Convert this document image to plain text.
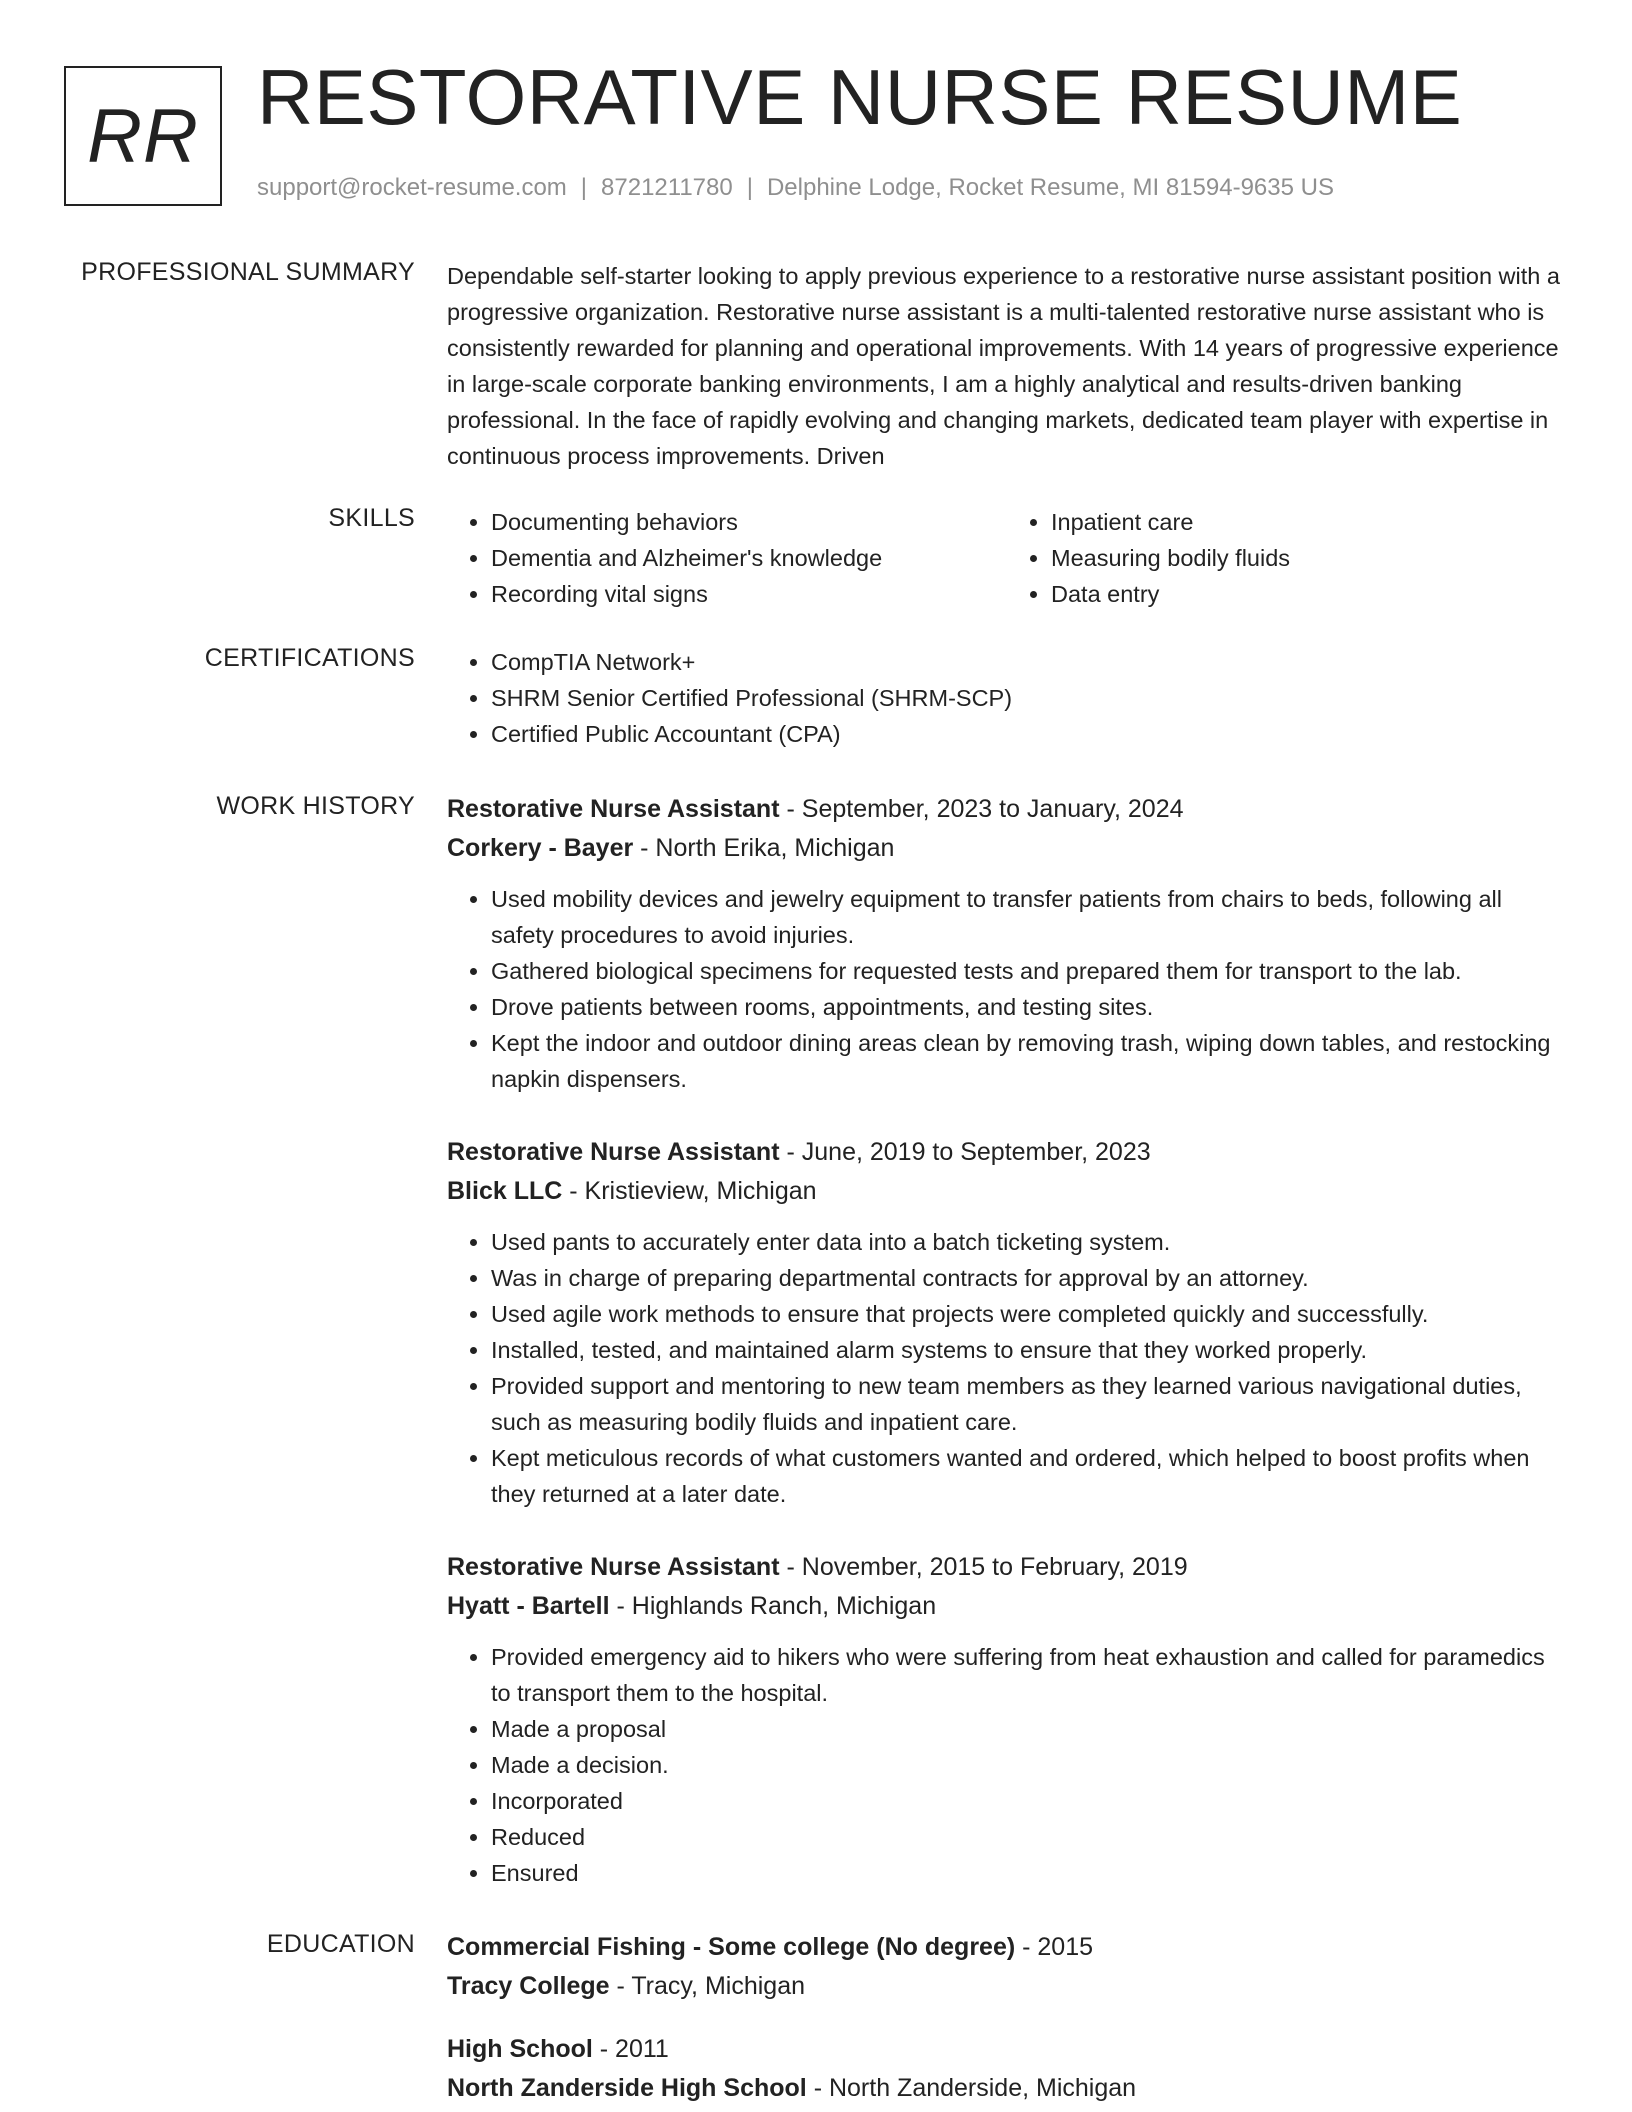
RR RESTORATIVE NURSE RESUME
support@rocket-resume.com | 8721211780 | Delphine Lodge, Rocket Resume, MI 81594-9635 US
PROFESSIONAL SUMMARY Dependable self-starter looking to apply previous experience to a restorative nurse assistant position with a progressive organization. Restorative nurse assistant is a multi-talented restorative nurse assistant who is consistently rewarded for planning and operational improvements. With 14 years of progressive experience in large-scale corporate banking environments, I am a highly analytical and results-driven banking professional. In the face of rapidly evolving and changing markets, dedicated team player with expertise in continuous process improvements. Driven

SKILLS	• Documenting behaviors
• Dementia and Alzheimer's knowledge
• Recording vital signs
• Inpatient care
• Measuring bodily fluids
• Data entry
CERTIFICATIONS	• CompTIA Network+
• SHRM Senior Certified Professional (SHRM-SCP)
• Certified Public Accountant (CPA)
WORK HISTORY Restorative Nurse Assistant - September, 2023 to January, 2024
Corkery - Bayer - North Erika, Michigan
• Used mobility devices and jewelry equipment to transfer patients from chairs to beds, following all safety procedures to avoid injuries.
• Gathered biological specimens for requested tests and prepared them for transport to the lab.
• Drove patients between rooms, appointments, and testing sites.
• Kept the indoor and outdoor dining areas clean by removing trash, wiping down tables, and restocking napkin dispensers.
Restorative Nurse Assistant - June, 2019 to September, 2023
Blick LLC - Kristieview, Michigan
• Used pants to accurately enter data into a batch ticketing system.
• Was in charge of preparing departmental contracts for approval by an attorney.
• Used agile work methods to ensure that projects were completed quickly and successfully.
• Installed, tested, and maintained alarm systems to ensure that they worked properly.
• Provided support and mentoring to new team members as they learned various navigational duties, such as measuring bodily fluids and inpatient care.
• Kept meticulous records of what customers wanted and ordered, which helped to boost profits when they returned at a later date.
Restorative Nurse Assistant - November, 2015 to February, 2019
Hyatt - Bartell - Highlands Ranch, Michigan
• Provided emergency aid to hikers who were suffering from heat exhaustion and called for paramedics to transport them to the hospital.
• Made a proposal
• Made a decision.
• Incorporated
• Reduced
• Ensured
EDUCATION Commercial Fishing - Some college (No degree) - 2015
Tracy College - Tracy, Michigan
High School - 2011
North Zanderside High School - North Zanderside, Michigan
